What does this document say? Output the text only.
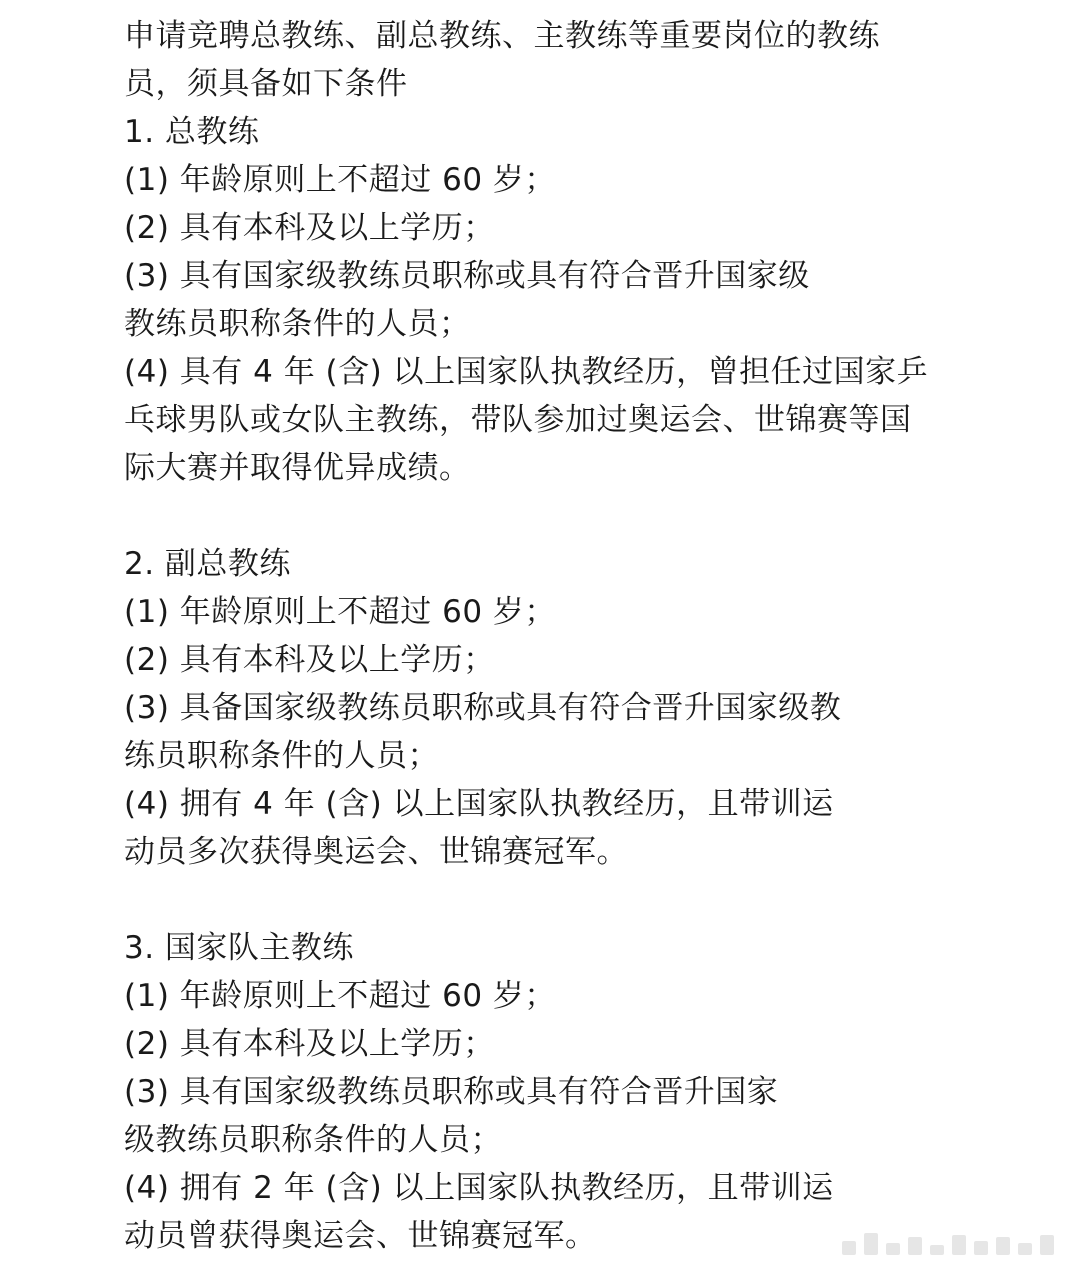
申请竞聘总教练、副总教练、主教练等重要岗位的教练
员，须具备如下条件
1. 总教练
(1) 年龄原则上不超过 60 岁；
(2) 具有本科及以上学历；
(3) 具有国家级教练员职称或具有符合晋升国家级
教练员职称条件的人员；
(4) 具有 4 年 (含) 以上国家队执教经历，曾担任过国家乒
乓球男队或女队主教练，带队参加过奥运会、世锦赛等国
际大赛并取得优异成绩。
2. 副总教练
(1) 年龄原则上不超过 60 岁；
(2) 具有本科及以上学历；
(3) 具备国家级教练员职称或具有符合晋升国家级教
练员职称条件的人员；
(4) 拥有 4 年 (含) 以上国家队执教经历，且带训运
动员多次获得奥运会、世锦赛冠军。
3. 国家队主教练
(1) 年龄原则上不超过 60 岁；
(2) 具有本科及以上学历；
(3) 具有国家级教练员职称或具有符合晋升国家
级教练员职称条件的人员；
(4) 拥有 2 年 (含) 以上国家队执教经历，且带训运
动员曾获得奥运会、世锦赛冠军。
